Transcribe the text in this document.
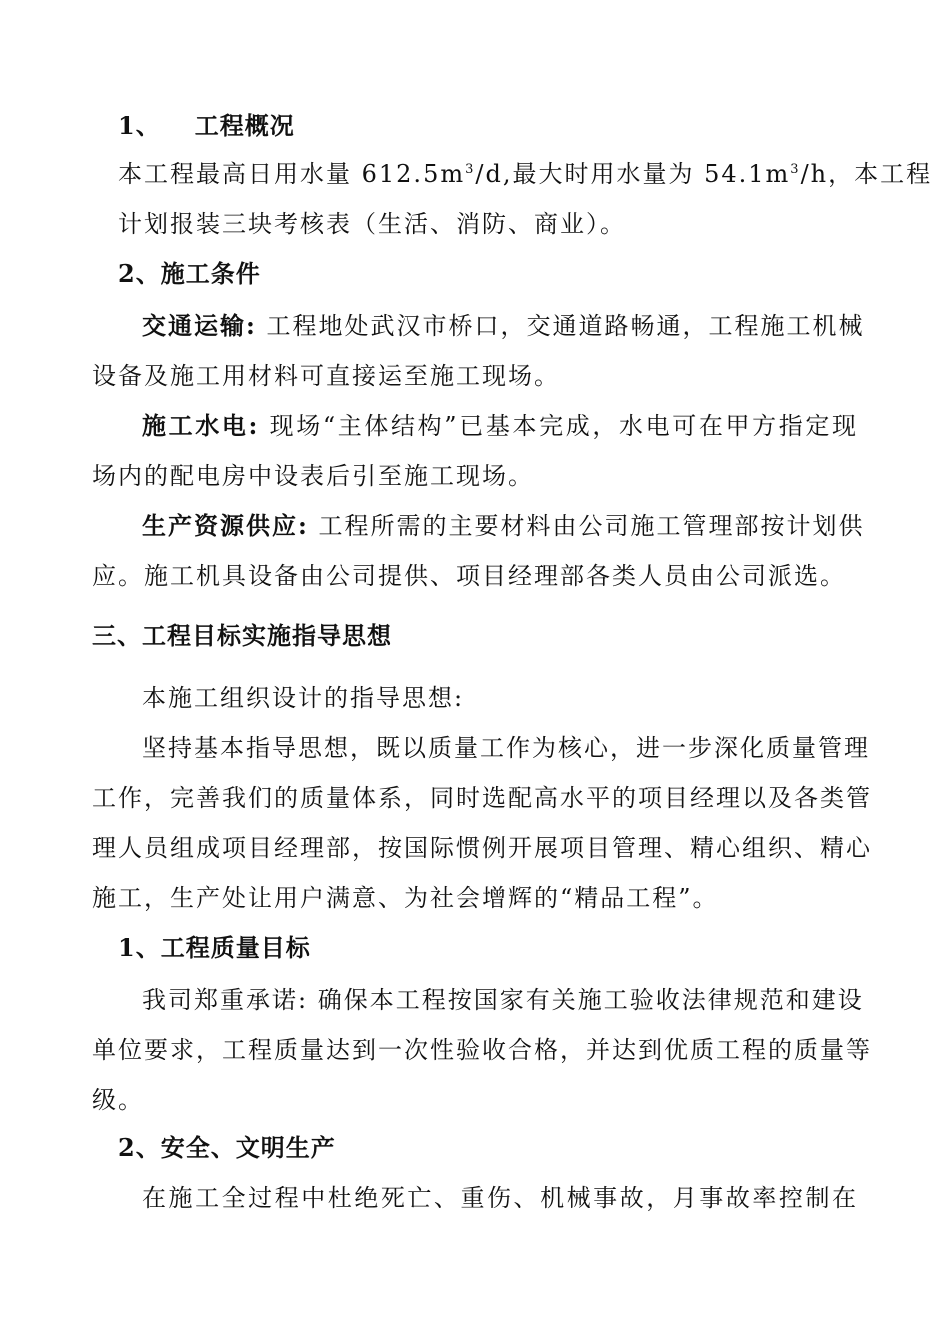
1、 工程概况
本工程最高日用水量 $612.5m^3/d$,最大时用水量为 $54.1m^3/h$，本工程
计划报装三块考核表（生活、消防、商业）。
2、施工条件
交通运输: 工程地处武汉市桥口，交通道路畅通，工程施工机械
设备及施工用材料可直接运至施工现场。
施工水电: 现场“主体结构”已基本完成，水电可在甲方指定现
场内的配电房中设表后引至施工现场。
生产资源供应: 工程所需的主要材料由公司施工管理部按计划供
应。施工机具设备由公司提供、项目经理部各类人员由公司派选。
三、工程目标实施指导思想
本施工组织设计的指导思想:
坚持基本指导思想，既以质量工作为核心，进一步深化质量管理
工作，完善我们的质量体系，同时选配高水平的项目经理以及各类管
理人员组成项目经理部，按国际惯例开展项目管理、精心组织、精心
施工，生产处让用户满意、为社会增辉的“精品工程”。
1、工程质量目标
我司郑重承诺: 确保本工程按国家有关施工验收法律规范和建设
单位要求，工程质量达到一次性验收合格，并达到优质工程的质量等
级。
2、安全、文明生产
在施工全过程中杜绝死亡、重伤、机械事故，月事故率控制在
